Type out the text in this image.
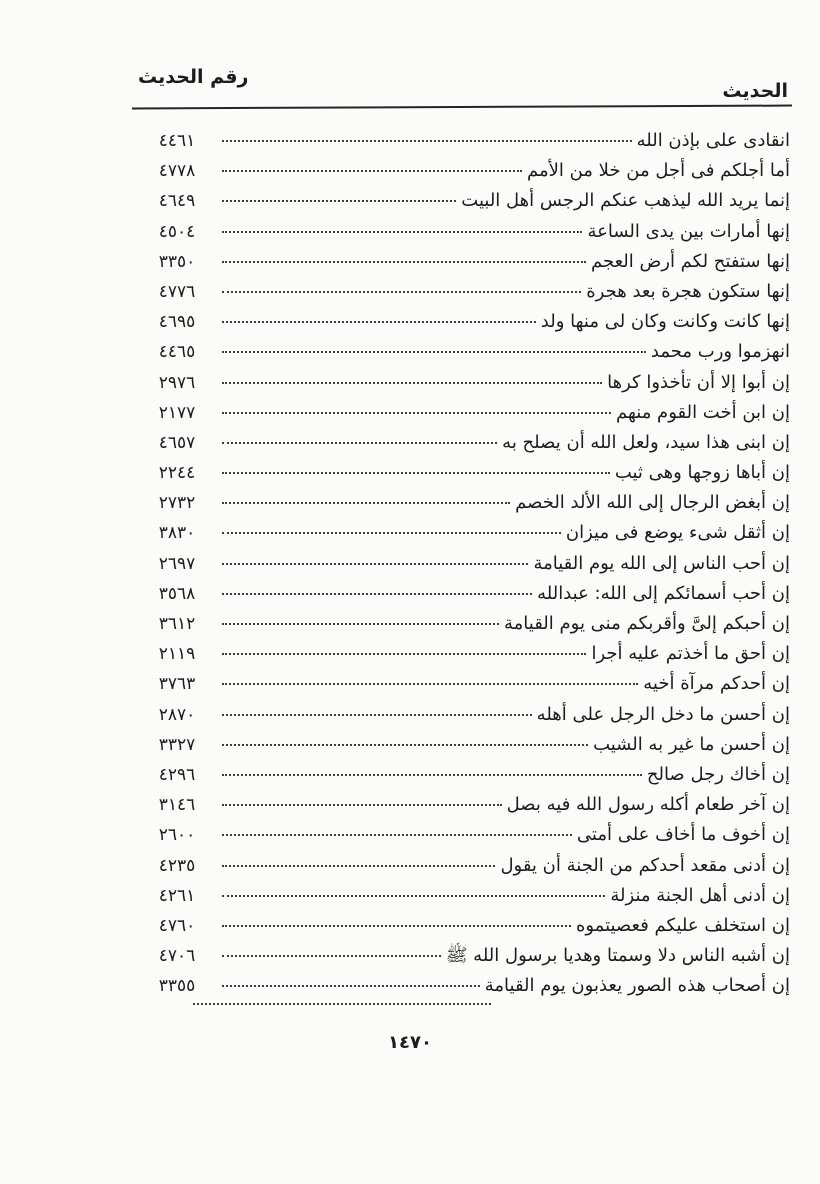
الحديث
رقم الحديث
انقادى على بإذن الله
٤٤٦١
أما أجلكم فى أجل من خلا من الأمم
٤٧٧٨
إنما يريد الله ليذهب عنكم الرجس أهل البيت
٤٦٤٩
إنها أمارات بين يدى الساعة
٤٥٠٤
إنها ستفتح لكم أرض العجم
٣٣٥٠
إنها ستكون هجرة بعد هجرة
٤٧٧٦
إنها كانت وكانت وكان لى منها ولد
٤٦٩٥
انهزموا ورب محمد
٤٤٦٥
إن أبوا إلا أن تأخذوا كرها
٢٩٧٦
إن ابن أخت القوم منهم
٢١٧٧
إن ابنى هذا سيد، ولعل الله أن يصلح به
٤٦٥٧
إن أباها زوجها وهى ثيب
٢٢٤٤
إن أبغض الرجال إلى الله الألد الخصم
٢٧٣٢
إن أثقل شىء يوضع فى ميزان
٣٨٣٠
إن أحب الناس إلى الله يوم القيامة
٢٦٩٧
إن أحب أسمائكم إلى الله: عبدالله
٣٥٦٨
إن أحبكم إلىَّ وأقربكم منى يوم القيامة
٣٦١٢
إن أحق ما أخذتم عليه أجرا
٢١١٩
إن أحدكم مرآة أخيه
٣٧٦٣
إن أحسن ما دخل الرجل على أهله
٢٨٧٠
إن أحسن ما غير به الشيب
٣٣٢٧
إن أخاك رجل صالح
٤٢٩٦
إن آخر طعام أكله رسول الله فيه بصل
٣١٤٦
إن أخوف ما أخاف على أمتى
٢٦٠٠
إن أدنى مقعد أحدكم من الجنة أن يقول
٤٢٣٥
إن أدنى أهل الجنة منزلة
٤٢٦١
إن استخلف عليكم فعصيتموه
٤٧٦٠
إن أشبه الناس دلا وسمتا وهديا برسول الله ﷺ
٤٧٠٦
إن أصحاب هذه الصور يعذبون يوم القيامة
٣٣٥٥
١٤٧٠
